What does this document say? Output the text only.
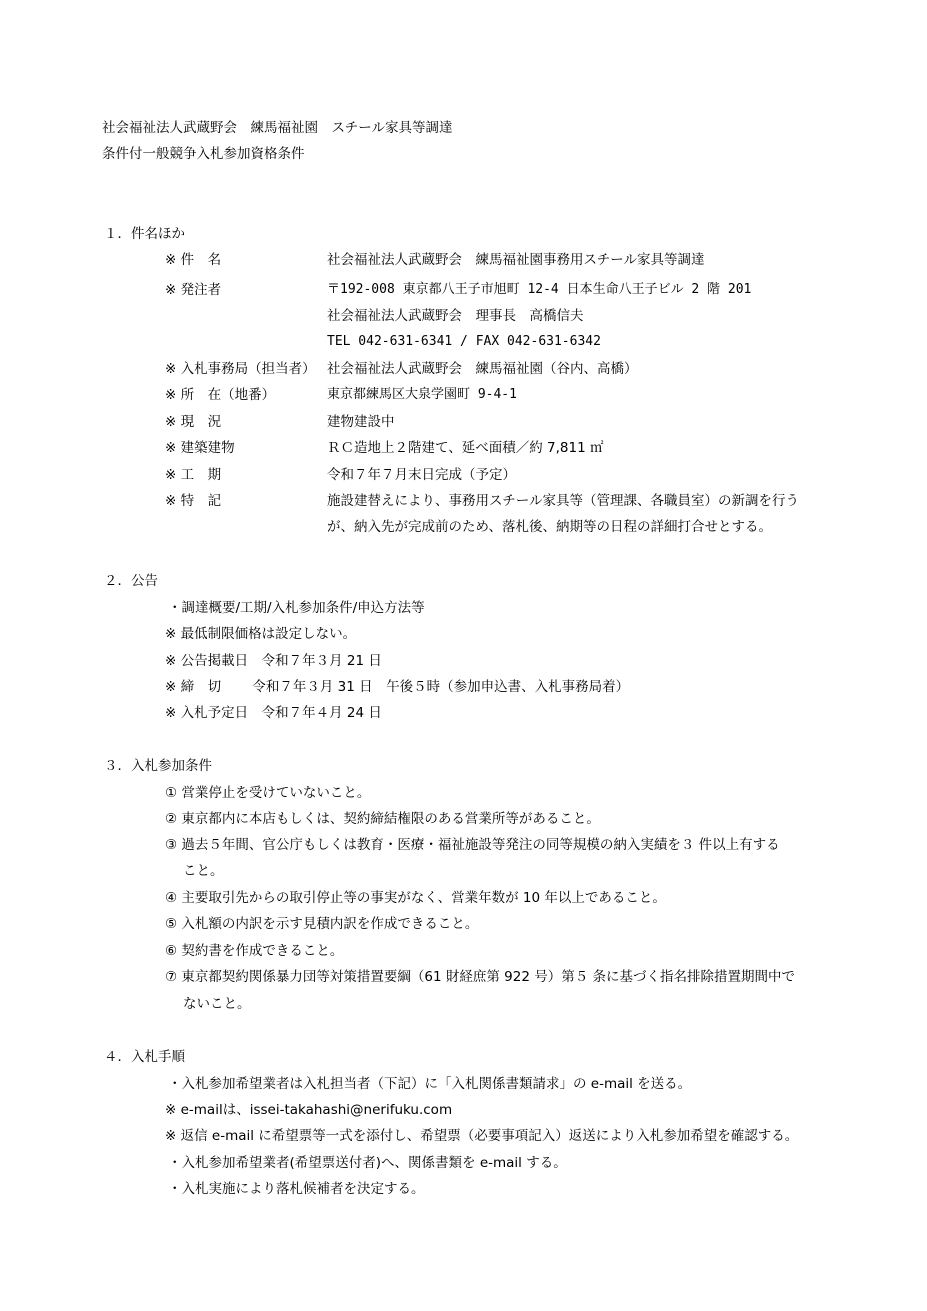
社会福祉法人武蔵野会　練馬福祉園　スチール家具等調達
条件付一般競争入札参加資格条件
１．件名ほか
※ 件　名	社会福祉法人武蔵野会　練馬福祉園事務用スチール家具等調達
※ 発注者	〒192-008 東京都八王子市旭町 12-4 日本生命八王子ビル 2 階 201
社会福祉法人武蔵野会　理事長　高橋信夫
TEL 042-631-6341 / FAX 042-631-6342
※ 入札事務局（担当者） 社会福祉法人武蔵野会　練馬福祉園（谷内、高橋）
※ 所　在（地番）	東京都練馬区大泉学園町 9-4-1
※ 現　況	建物建設中
※ 建築建物	ＲＣ造地上２階建て、延べ面積／約 7,811 ㎡
※ 工　期	令和７年７月末日完成（予定）
※ 特　記	施設建替えにより、事務用スチール家具等（管理課、各職員室）の新調を行う
が、納入先が完成前のため、落札後、納期等の日程の詳細打合せとする。
２．公告
・調達概要/工期/入札参加条件/申込方法等
※ 最低制限価格は設定しない。
※ 公告掲載日　令和７年３月 21 日
※ 締　切　　 令和７年３月 31 日　午後５時（参加申込書、入札事務局着）
※ 入札予定日　令和７年４月 24 日
３．入札参加条件
① 営業停止を受けていないこと。
② 東京都内に本店もしくは、契約締結権限のある営業所等があること。
③ 過去５年間、官公庁もしくは教育・医療・福祉施設等発注の同等規模の納入実績を３ 件以上有する
こと。
④ 主要取引先からの取引停止等の事実がなく、営業年数が 10 年以上であること。
⑤ 入札額の内訳を示す見積内訳を作成できること。
⑥ 契約書を作成できること。
⑦ 東京都契約関係暴力団等対策措置要綱（61 財経庶第 922 号）第５ 条に基づく指名排除措置期間中で
ないこと。
４．入札手順
・入札参加希望業者は入札担当者（下記）に「入札関係書類請求」の e-mail を送る。
※ e-mailは、issei-takahashi@nerifuku.com
※ 返信 e-mail に希望票等一式を添付し、希望票（必要事項記入）返送により入札参加希望を確認する。
・入札参加希望業者(希望票送付者)へ、関係書類を e-mail する。
・入札実施により落札候補者を決定する。
